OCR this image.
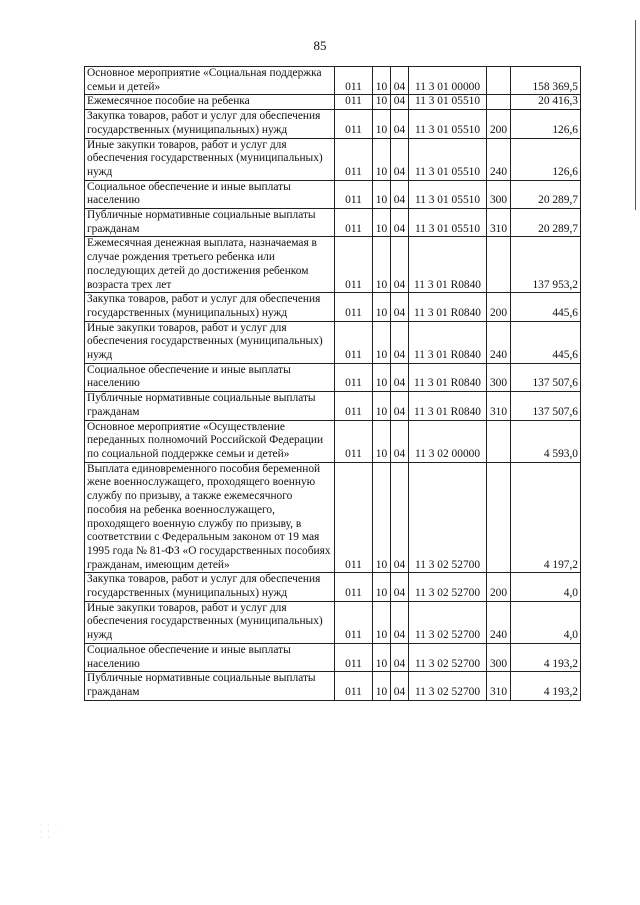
85
Основное мероприятие «Социальная поддержка семьи и детей»	011	10	04	11 3 01 00000		158 369,5
Ежемесячное пособие на ребенка	011	10	04	11 3 01 05510		20 416,3
Закупка товаров, работ и услуг для обеспечения государственных (муниципальных) нужд	011	10	04	11 3 01 05510	200	126,6
Иные закупки товаров, работ и услуг для обеспечения государственных (муниципальных) нужд	011	10	04	11 3 01 05510	240	126,6
Социальное обеспечение и иные выплаты населению	011	10	04	11 3 01 05510	300	20 289,7
Публичные нормативные социальные выплаты гражданам	011	10	04	11 3 01 05510	310	20 289,7
Ежемесячная денежная выплата, назначаемая в случае рождения третьего ребенка или последующих детей до достижения ребенком возраста трех лет	011	10	04	11 3 01 R0840		137 953,2
Закупка товаров, работ и услуг для обеспечения государственных (муниципальных) нужд	011	10	04	11 3 01 R0840	200	445,6
Иные закупки товаров, работ и услуг для обеспечения государственных (муниципальных) нужд	011	10	04	11 3 01 R0840	240	445,6
Социальное обеспечение и иные выплаты населению	011	10	04	11 3 01 R0840	300	137 507,6
Публичные нормативные социальные выплаты гражданам	011	10	04	11 3 01 R0840	310	137 507,6
Основное мероприятие «Осуществление переданных полномочий Российской Федерации по социальной поддержке семьи и детей»	011	10	04	11 3 02 00000		4 593,0
Выплата единовременного пособия беременной жене военнослужащего, проходящего военную службу по призыву, а также ежемесячного пособия на ребенка военнослужащего, проходящего военную службу по призыву, в соответствии с Федеральным законом от 19 мая 1995 года № 81-ФЗ «О государственных пособиях гражданам, имеющим детей»	011	10	04	11 3 02 52700		4 197,2
Закупка товаров, работ и услуг для обеспечения государственных (муниципальных) нужд	011	10	04	11 3 02 52700	200	4,0
Иные закупки товаров, работ и услуг для обеспечения государственных (муниципальных) нужд	011	10	04	11 3 02 52700	240	4,0
Социальное обеспечение и иные выплаты населению	011	10	04	11 3 02 52700	300	4 193,2
Публичные нормативные социальные выплаты гражданам	011	10	04	11 3 02 52700	310	4 193,2
· · ·
· ·
· ·
